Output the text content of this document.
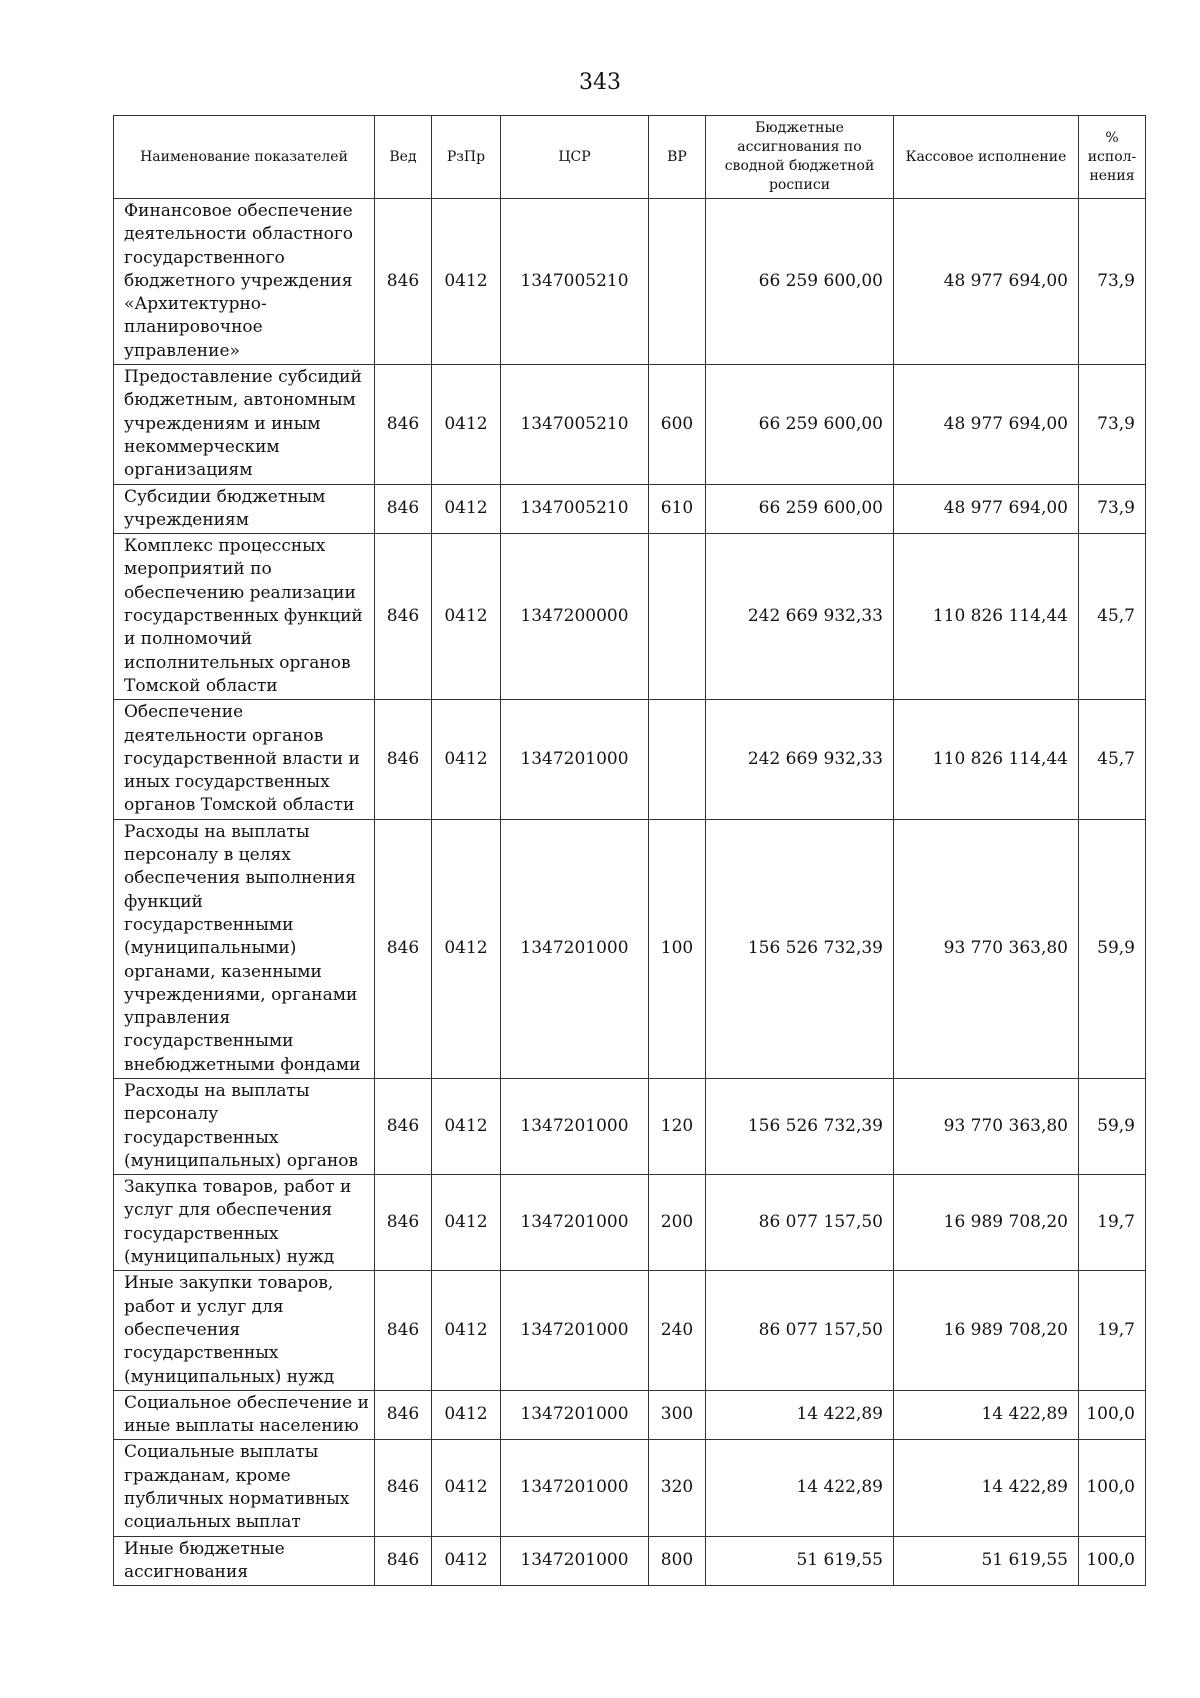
343
Наименование показателей	Вед	РзПр	ЦСР	ВР	Бюджетные ассигнования по сводной бюджетной росписи	Кассовое исполнение	% испол-нения
Финансовое обеспечение деятельности областного государственного бюджетного учреждения «Архитектурно-планировочное управление»	846	0412	1347005210		66 259 600,00	48 977 694,00	73,9
Предоставление субсидий бюджетным, автономным учреждениям и иным некоммерческим организациям	846	0412	1347005210	600	66 259 600,00	48 977 694,00	73,9
Субсидии бюджетным учреждениям	846	0412	1347005210	610	66 259 600,00	48 977 694,00	73,9
Комплекс процессных мероприятий по обеспечению реализации государственных функций и полномочий исполнительных органов Томской области	846	0412	1347200000		242 669 932,33	110 826 114,44	45,7
Обеспечение деятельности органов государственной власти и иных государственных органов Томской области	846	0412	1347201000		242 669 932,33	110 826 114,44	45,7
Расходы на выплаты персоналу в целях обеспечения выполнения функций государственными (муниципальными) органами, казенными учреждениями, органами управления государственными внебюджетными фондами	846	0412	1347201000	100	156 526 732,39	93 770 363,80	59,9
Расходы на выплаты персоналу государственных (муниципальных) органов	846	0412	1347201000	120	156 526 732,39	93 770 363,80	59,9
Закупка товаров, работ и услуг для обеспечения государственных (муниципальных) нужд	846	0412	1347201000	200	86 077 157,50	16 989 708,20	19,7
Иные закупки товаров, работ и услуг для обеспечения государственных (муниципальных) нужд	846	0412	1347201000	240	86 077 157,50	16 989 708,20	19,7
Социальное обеспечение и иные выплаты населению	846	0412	1347201000	300	14 422,89	14 422,89	100,0
Социальные выплаты гражданам, кроме публичных нормативных социальных выплат	846	0412	1347201000	320	14 422,89	14 422,89	100,0
Иные бюджетные ассигнования	846	0412	1347201000	800	51 619,55	51 619,55	100,0
